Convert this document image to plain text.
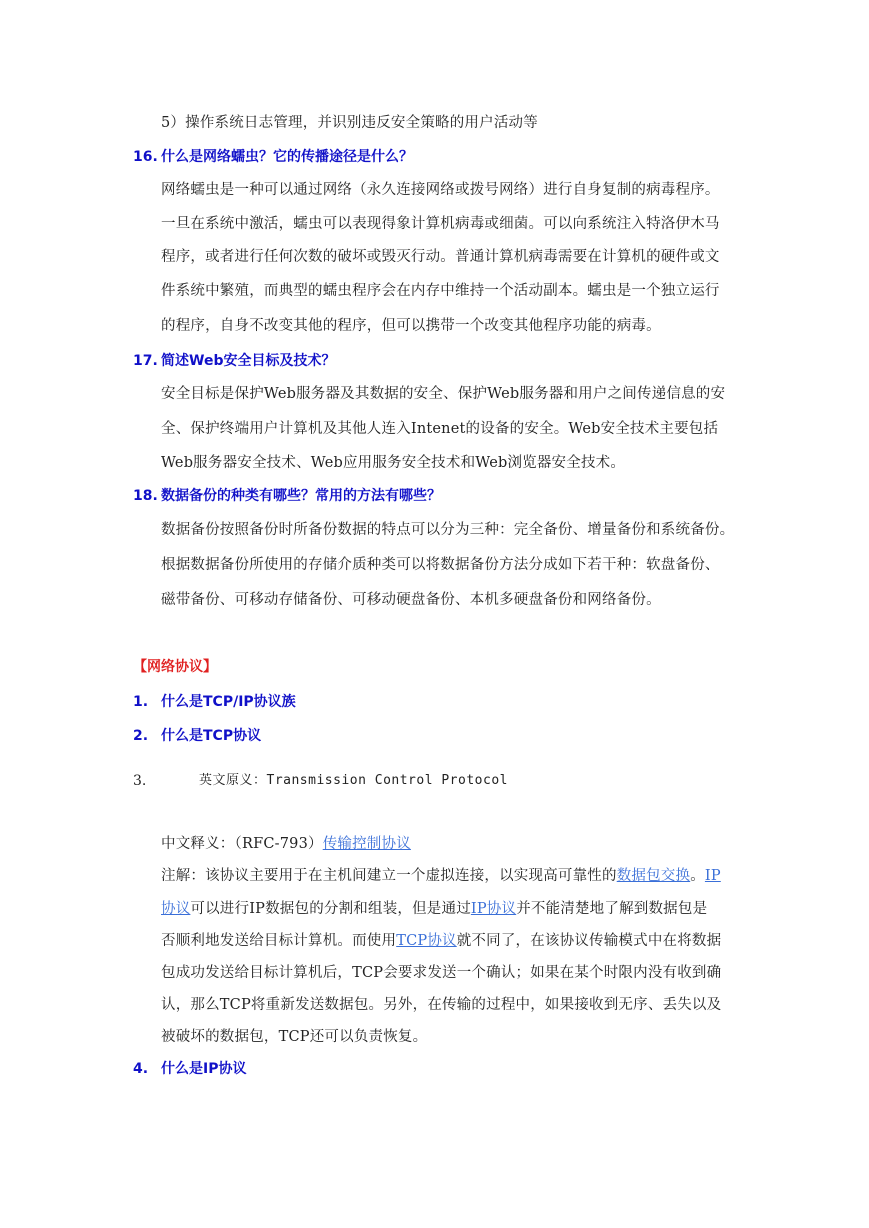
5）操作系统日志管理，并识别违反安全策略的用户活动等
16. 什么是网络蠕虫？它的传播途径是什么？
网络蠕虫是一种可以通过网络（永久连接网络或拨号网络）进行自身复制的病毒程序。
一旦在系统中激活，蠕虫可以表现得象计算机病毒或细菌。可以向系统注入特洛伊木马
程序，或者进行任何次数的破坏或毁灭行动。普通计算机病毒需要在计算机的硬件或文
件系统中繁殖，而典型的蠕虫程序会在内存中维持一个活动副本。蠕虫是一个独立运行
的程序，自身不改变其他的程序，但可以携带一个改变其他程序功能的病毒。
17. 简述Web安全目标及技术？
安全目标是保护Web服务器及其数据的安全、保护Web服务器和用户之间传递信息的安
全、保护终端用户计算机及其他人连入Intenet的设备的安全。Web安全技术主要包括
Web服务器安全技术、Web应用服务安全技术和Web浏览器安全技术。
18. 数据备份的种类有哪些？常用的方法有哪些？
数据备份按照备份时所备份数据的特点可以分为三种：完全备份、增量备份和系统备份。
根据数据备份所使用的存储介质种类可以将数据备份方法分成如下若干种：软盘备份、
磁带备份、可移动存储备份、可移动硬盘备份、本机多硬盘备份和网络备份。
【网络协议】
1. 什么是TCP/IP协议族
2. 什么是TCP协议
3.	英文原义：Transmission Control Protocol
中文释义：（RFC-793）传输控制协议
注解：该协议主要用于在主机间建立一个虚拟连接，以实现高可靠性的数据包交换。IP
协议可以进行IP数据包的分割和组装，但是通过IP协议并不能清楚地了解到数据包是
否顺利地发送给目标计算机。而使用TCP协议就不同了，在该协议传输模式中在将数据
包成功发送给目标计算机后，TCP会要求发送一个确认；如果在某个时限内没有收到确
认，那么TCP将重新发送数据包。另外，在传输的过程中，如果接收到无序、丢失以及
被破坏的数据包，TCP还可以负责恢复。
4. 什么是IP协议
